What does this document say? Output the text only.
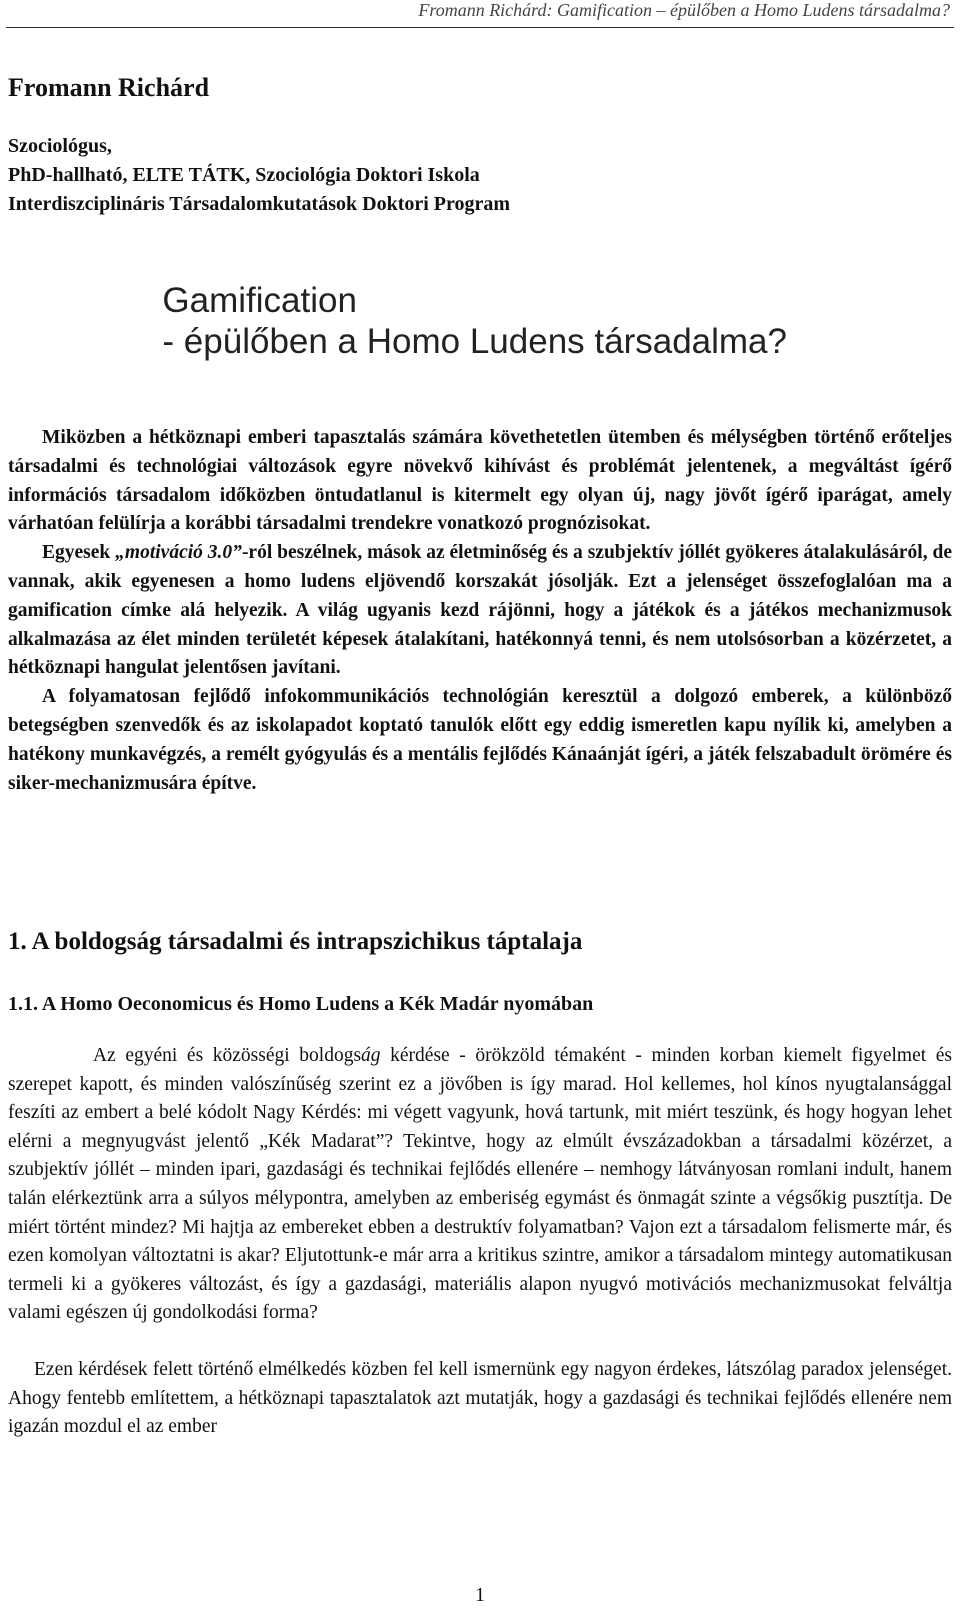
Fromann Richárd: Gamification – épülőben a Homo Ludens társadalma?
Fromann Richárd
Szociológus,
PhD-hallható, ELTE TÁTK, Szociológia Doktori Iskola
Interdiszciplináris Társadalomkutatások Doktori Program
Gamification
- épülőben a Homo Ludens társadalma?

Miközben a hétköznapi emberi tapasztalás számára követhetetlen ütemben és mélységben történő erőteljes társadalmi és technológiai változások egyre növekvő kihívást és problémát jelentenek, a megváltást ígérő információs társadalom időközben öntudatlanul is kitermelt egy olyan új, nagy jövőt ígérő iparágat, amely várhatóan felülírja a korábbi társadalmi trendekre vonatkozó prognózisokat.

Egyesek „motiváció 3.0”-ról beszélnek, mások az életminőség és a szubjektív jóllét gyökeres átalakulásáról, de vannak, akik egyenesen a homo ludens eljövendő korszakát jósolják. Ezt a jelenséget összefoglalóan ma a gamification címke alá helyezik. A világ ugyanis kezd rájönni, hogy a játékok és a játékos mechanizmusok alkalmazása az élet minden területét képesek átalakítani, hatékonnyá tenni, és nem utolsósorban a közérzetet, a hétköznapi hangulat jelentősen javítani.

A folyamatosan fejlődő infokommunikációs technológián keresztül a dolgozó emberek, a különböző betegségben szenvedők és az iskolapadot koptató tanulók előtt egy eddig ismeretlen kapu nyílik ki, amelyben a hatékony munkavégzés, a remélt gyógyulás és a mentális fejlődés Kánaánját ígéri, a játék felszabadult örömére és siker-mechanizmusára építve.

1. A boldogság társadalmi és intrapszichikus táptalaja
1.1. A Homo Oeconomicus és Homo Ludens a Kék Madár nyomában

Az egyéni és közösségi boldogság kérdése - örökzöld témaként - minden korban kiemelt figyelmet és szerepet kapott, és minden valószínűség szerint ez a jövőben is így marad. Hol kellemes, hol kínos nyugtalansággal feszíti az embert a belé kódolt Nagy Kérdés: mi végett vagyunk, hová tartunk, mit miért teszünk, és hogy hogyan lehet elérni a megnyugvást jelentő „Kék Madarat”? Tekintve, hogy az elmúlt évszázadokban a társadalmi közérzet, a szubjektív jóllét – minden ipari, gazdasági és technikai fejlődés ellenére – nemhogy látványosan romlani indult, hanem talán elérkeztünk arra a súlyos mélypontra, amelyben az emberiség egymást és önmagát szinte a végsőkig pusztítja. De miért történt mindez? Mi hajtja az embereket ebben a destruktív folyamatban? Vajon ezt a társadalom felismerte már, és ezen komolyan változtatni is akar? Eljutottunk-e már arra a kritikus szintre, amikor a társadalom mintegy automatikusan termeli ki a gyökeres változást, és így a gazdasági, materiális alapon nyugvó motivációs mechanizmusokat felváltja valami egészen új gondolkodási forma?

Ezen kérdések felett történő elmélkedés közben fel kell ismernünk egy nagyon érdekes, látszólag paradox jelenséget. Ahogy fentebb említettem, a hétköznapi tapasztalatok azt mutatják, hogy a gazdasági és technikai fejlődés ellenére nem igazán mozdul el az ember

1
